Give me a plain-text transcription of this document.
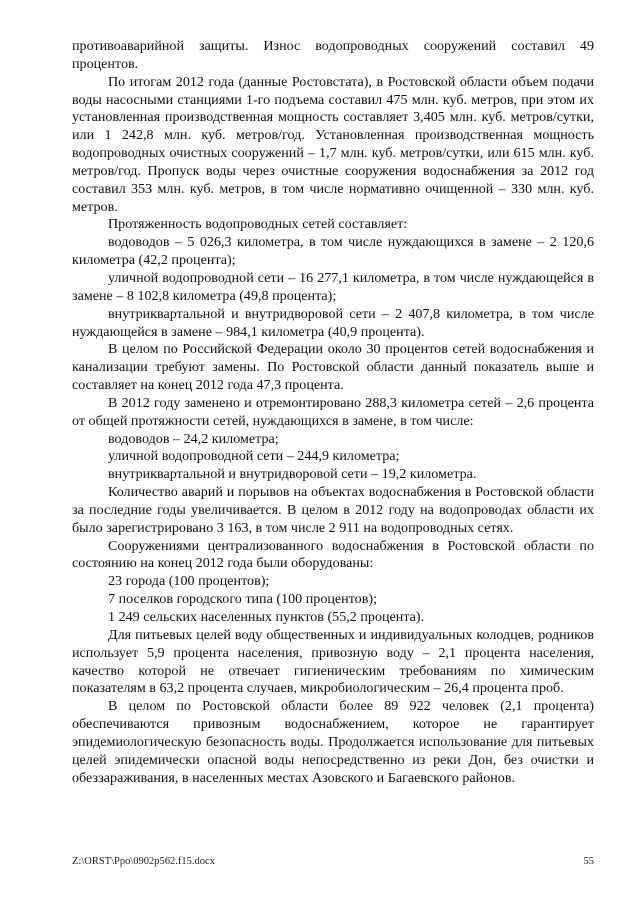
противоаварийной защиты. Износ водопроводных сооружений составил 49 процентов.

По итогам 2012 года (данные Ростовстата), в Ростовской области объем подачи воды насосными станциями 1-го подъема составил 475 млн. куб. метров, при этом их установленная производственная мощность составляет 3,405 млн. куб. метров/сутки, или 1 242,8 млн. куб. метров/год. Установленная производственная мощность водопроводных очистных сооружений – 1,7 млн. куб. метров/сутки, или 615 млн. куб. метров/год. Пропуск воды через очистные сооружения водоснабжения за 2012 год составил 353 млн. куб. метров, в том числе нормативно очищенной – 330 млн. куб. метров.

Протяженность водопроводных сетей составляет:

водоводов – 5 026,3 километра, в том числе нуждающихся в замене – 2 120,6 километра (42,2 процента);

уличной водопроводной сети – 16 277,1 километра, в том числе нуждающейся в замене – 8 102,8 километра (49,8 процента);

внутриквартальной и внутридворовой сети – 2 407,8 километра, в том числе нуждающейся в замене – 984,1 километра (40,9 процента).

В целом по Российской Федерации около 30 процентов сетей водоснабжения и канализации требуют замены. По Ростовской области данный показатель выше и составляет на конец 2012 года 47,3 процента.

В 2012 году заменено и отремонтировано 288,3 километра сетей – 2,6 процента от общей протяжности сетей, нуждающихся в замене, в том числе:

водоводов – 24,2 километра;

уличной водопроводной сети – 244,9 километра;

внутриквартальной и внутридворовой сети – 19,2 километра.

Количество аварий и порывов на объектах водоснабжения в Ростовской области за последние годы увеличивается. В целом в 2012 году на водопроводах области их было зарегистрировано 3 163, в том числе 2 911 на водопроводных сетях.

Сооружениями централизованного водоснабжения в Ростовской области по состоянию на конец 2012 года были оборудованы:

23 города (100 процентов);

7 поселков городского типа (100 процентов);

1 249 сельских населенных пунктов (55,2 процента).

Для питьевых целей воду общественных и индивидуальных колодцев, родников использует 5,9 процента населения, привозную воду – 2,1 процента населения, качество которой не отвечает гигиеническим требованиям по химическим показателям в 63,2 процента случаев, микробиологическим – 26,4 процента проб.

В целом по Ростовской области более 89 922 человек (2,1 процента) обеспечиваются привозным водоснабжением, которое не гарантирует эпидемиологическую безопасность воды. Продолжается использование для питьевых целей эпидемически опасной воды непосредственно из реки Дон, без очистки и обеззараживания, в населенных местах Азовского и Багаевского районов.

Z:\ORST\Ppo\0902p562.f15.docx	55
